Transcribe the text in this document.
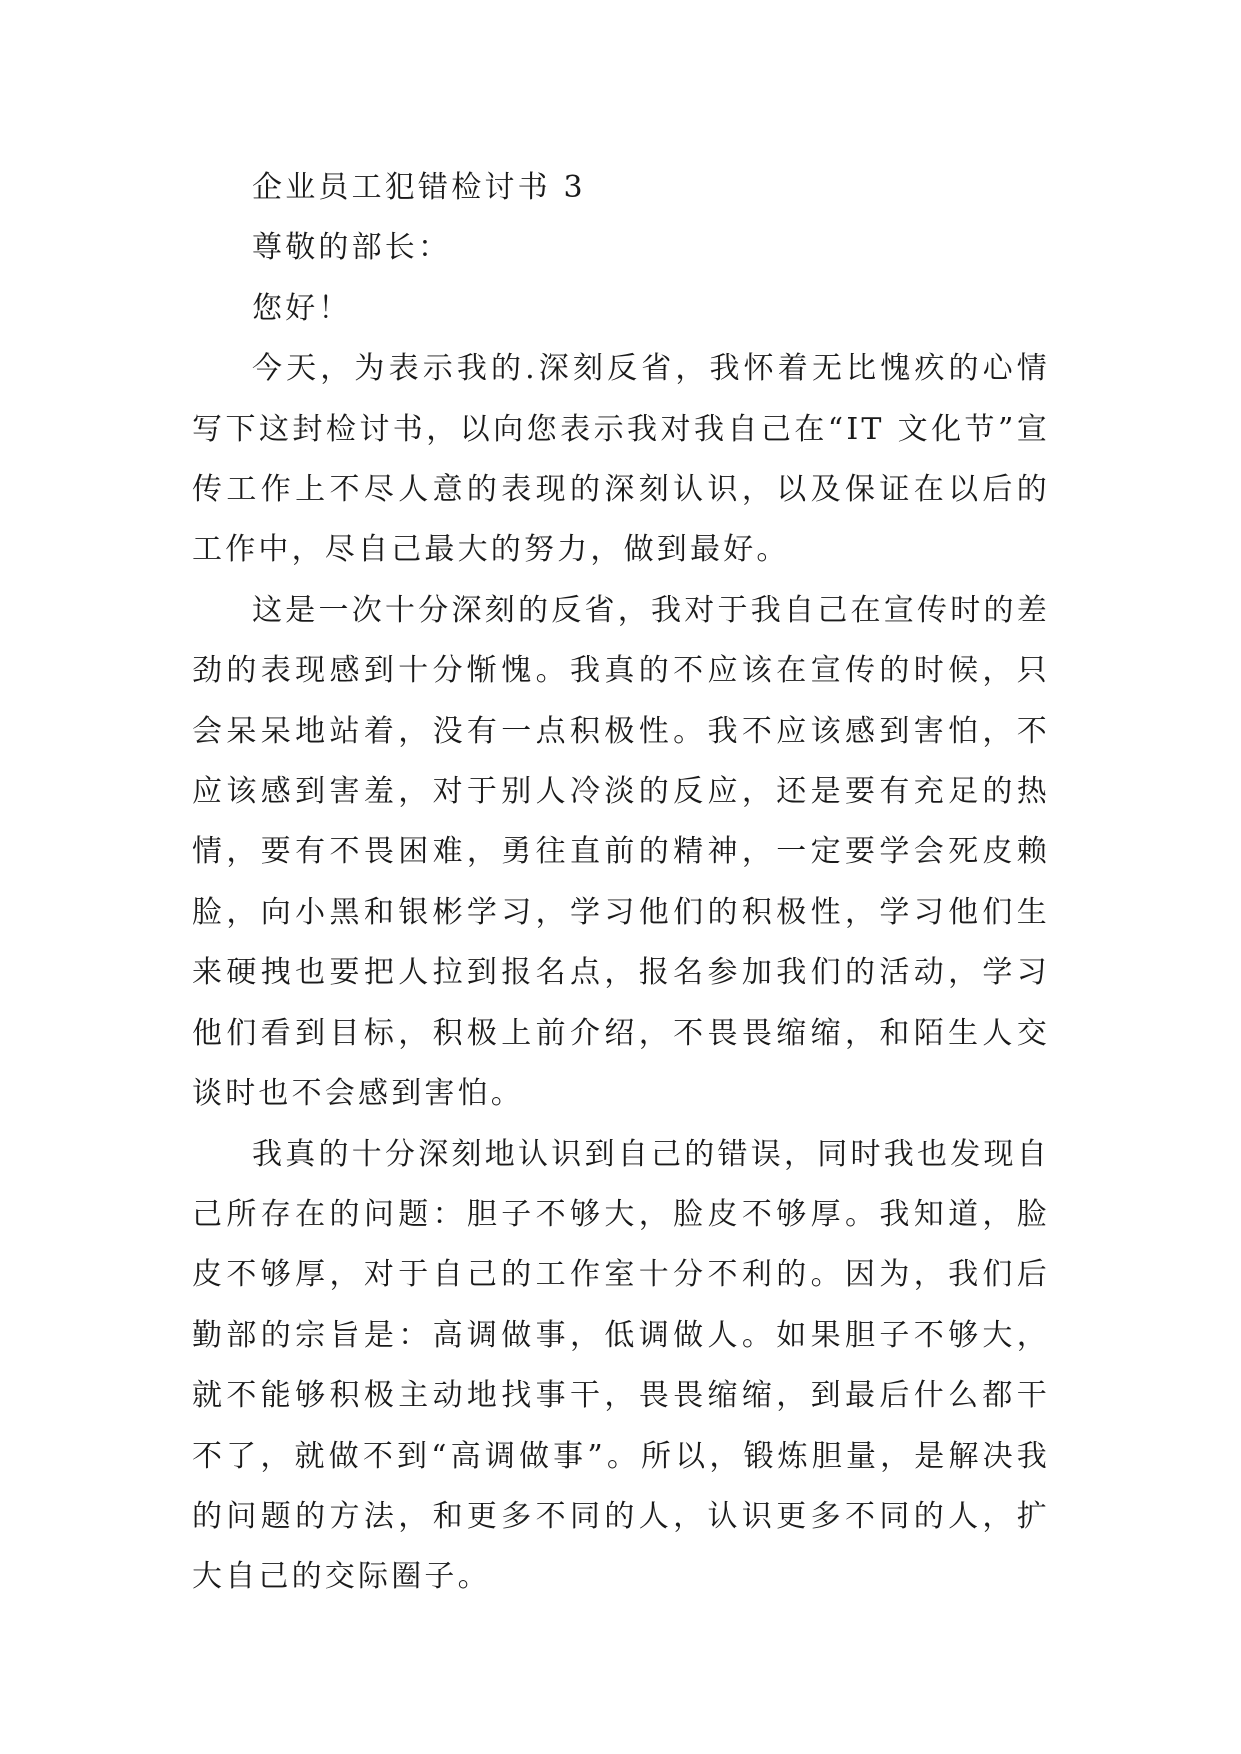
企业员工犯错检讨书 3

尊敬的部长：

您好！

今天，为表示我的.深刻反省，我怀着无比愧疚的心情写下这封检讨书，以向您表示我对我自己在“IT 文化节”宣传工作上不尽人意的表现的深刻认识，以及保证在以后的工作中，尽自己最大的努力，做到最好。

这是一次十分深刻的反省，我对于我自己在宣传时的差劲的表现感到十分惭愧。我真的不应该在宣传的时候，只会呆呆地站着，没有一点积极性。我不应该感到害怕，不应该感到害羞，对于别人冷淡的反应，还是要有充足的热情，要有不畏困难，勇往直前的精神，一定要学会死皮赖脸，向小黑和银彬学习，学习他们的积极性，学习他们生来硬拽也要把人拉到报名点，报名参加我们的活动，学习他们看到目标，积极上前介绍，不畏畏缩缩，和陌生人交谈时也不会感到害怕。

我真的十分深刻地认识到自己的错误，同时我也发现自己所存在的问题：胆子不够大，脸皮不够厚。我知道，脸皮不够厚，对于自己的工作室十分不利的。因为，我们后勤部的宗旨是：高调做事，低调做人。如果胆子不够大，就不能够积极主动地找事干，畏畏缩缩，到最后什么都干不了，就做不到“高调做事”。所以，锻炼胆量，是解决我的问题的方法，和更多不同的人，认识更多不同的人，扩大自己的交际圈子。
